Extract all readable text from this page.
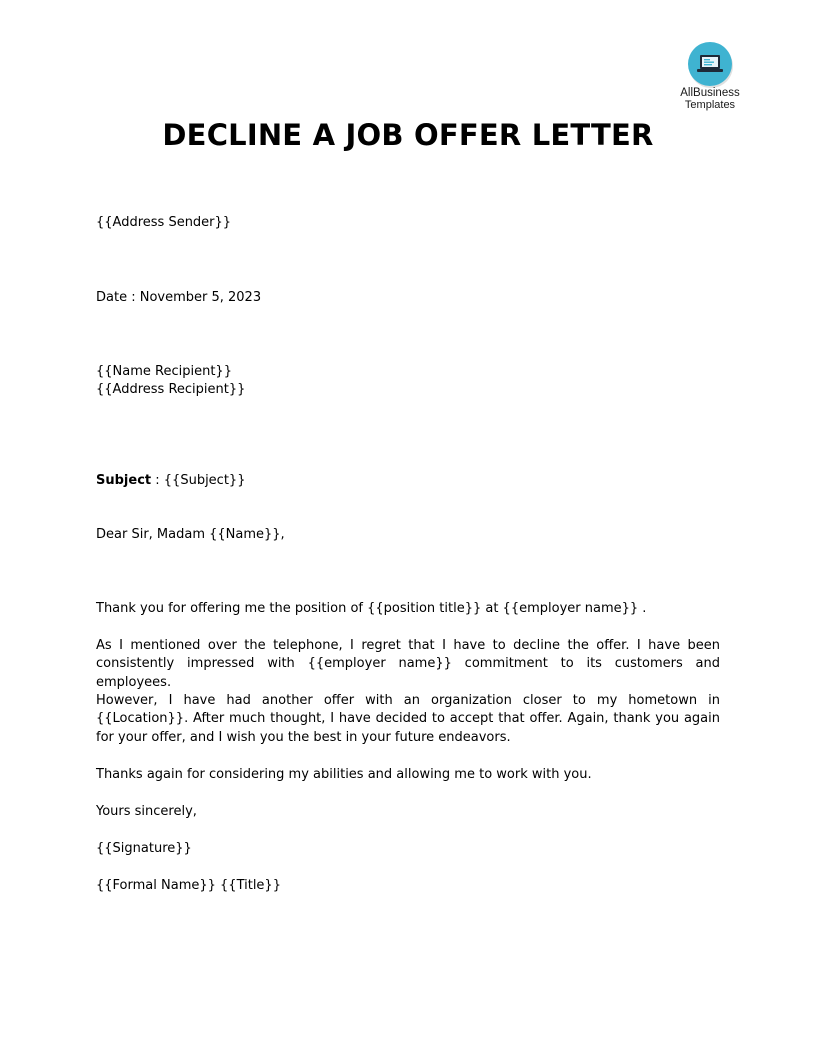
AllBusiness
Templates
DECLINE A JOB OFFER LETTER
{{Address Sender}}
Date : November 5, 2023
{{Name Recipient}}
{{Address Recipient}}
Subject : {{Subject}}
Dear Sir, Madam {{Name}},
Thank you for offering me the position of {{position title}} at {{employer name}} .
As I mentioned over the telephone, I regret that I have to decline the offer. I have been consistently impressed with {{employer name}} commitment to its customers and employees.
However, I have had another offer with an organization closer to my hometown in {{Location}}. After much thought, I have decided to accept that offer. Again, thank you again for your offer, and I wish you the best in your future endeavors.
Thanks again for considering my abilities and allowing me to work with you.
Yours sincerely,
{{Signature}}
{{Formal Name}} {{Title}}
